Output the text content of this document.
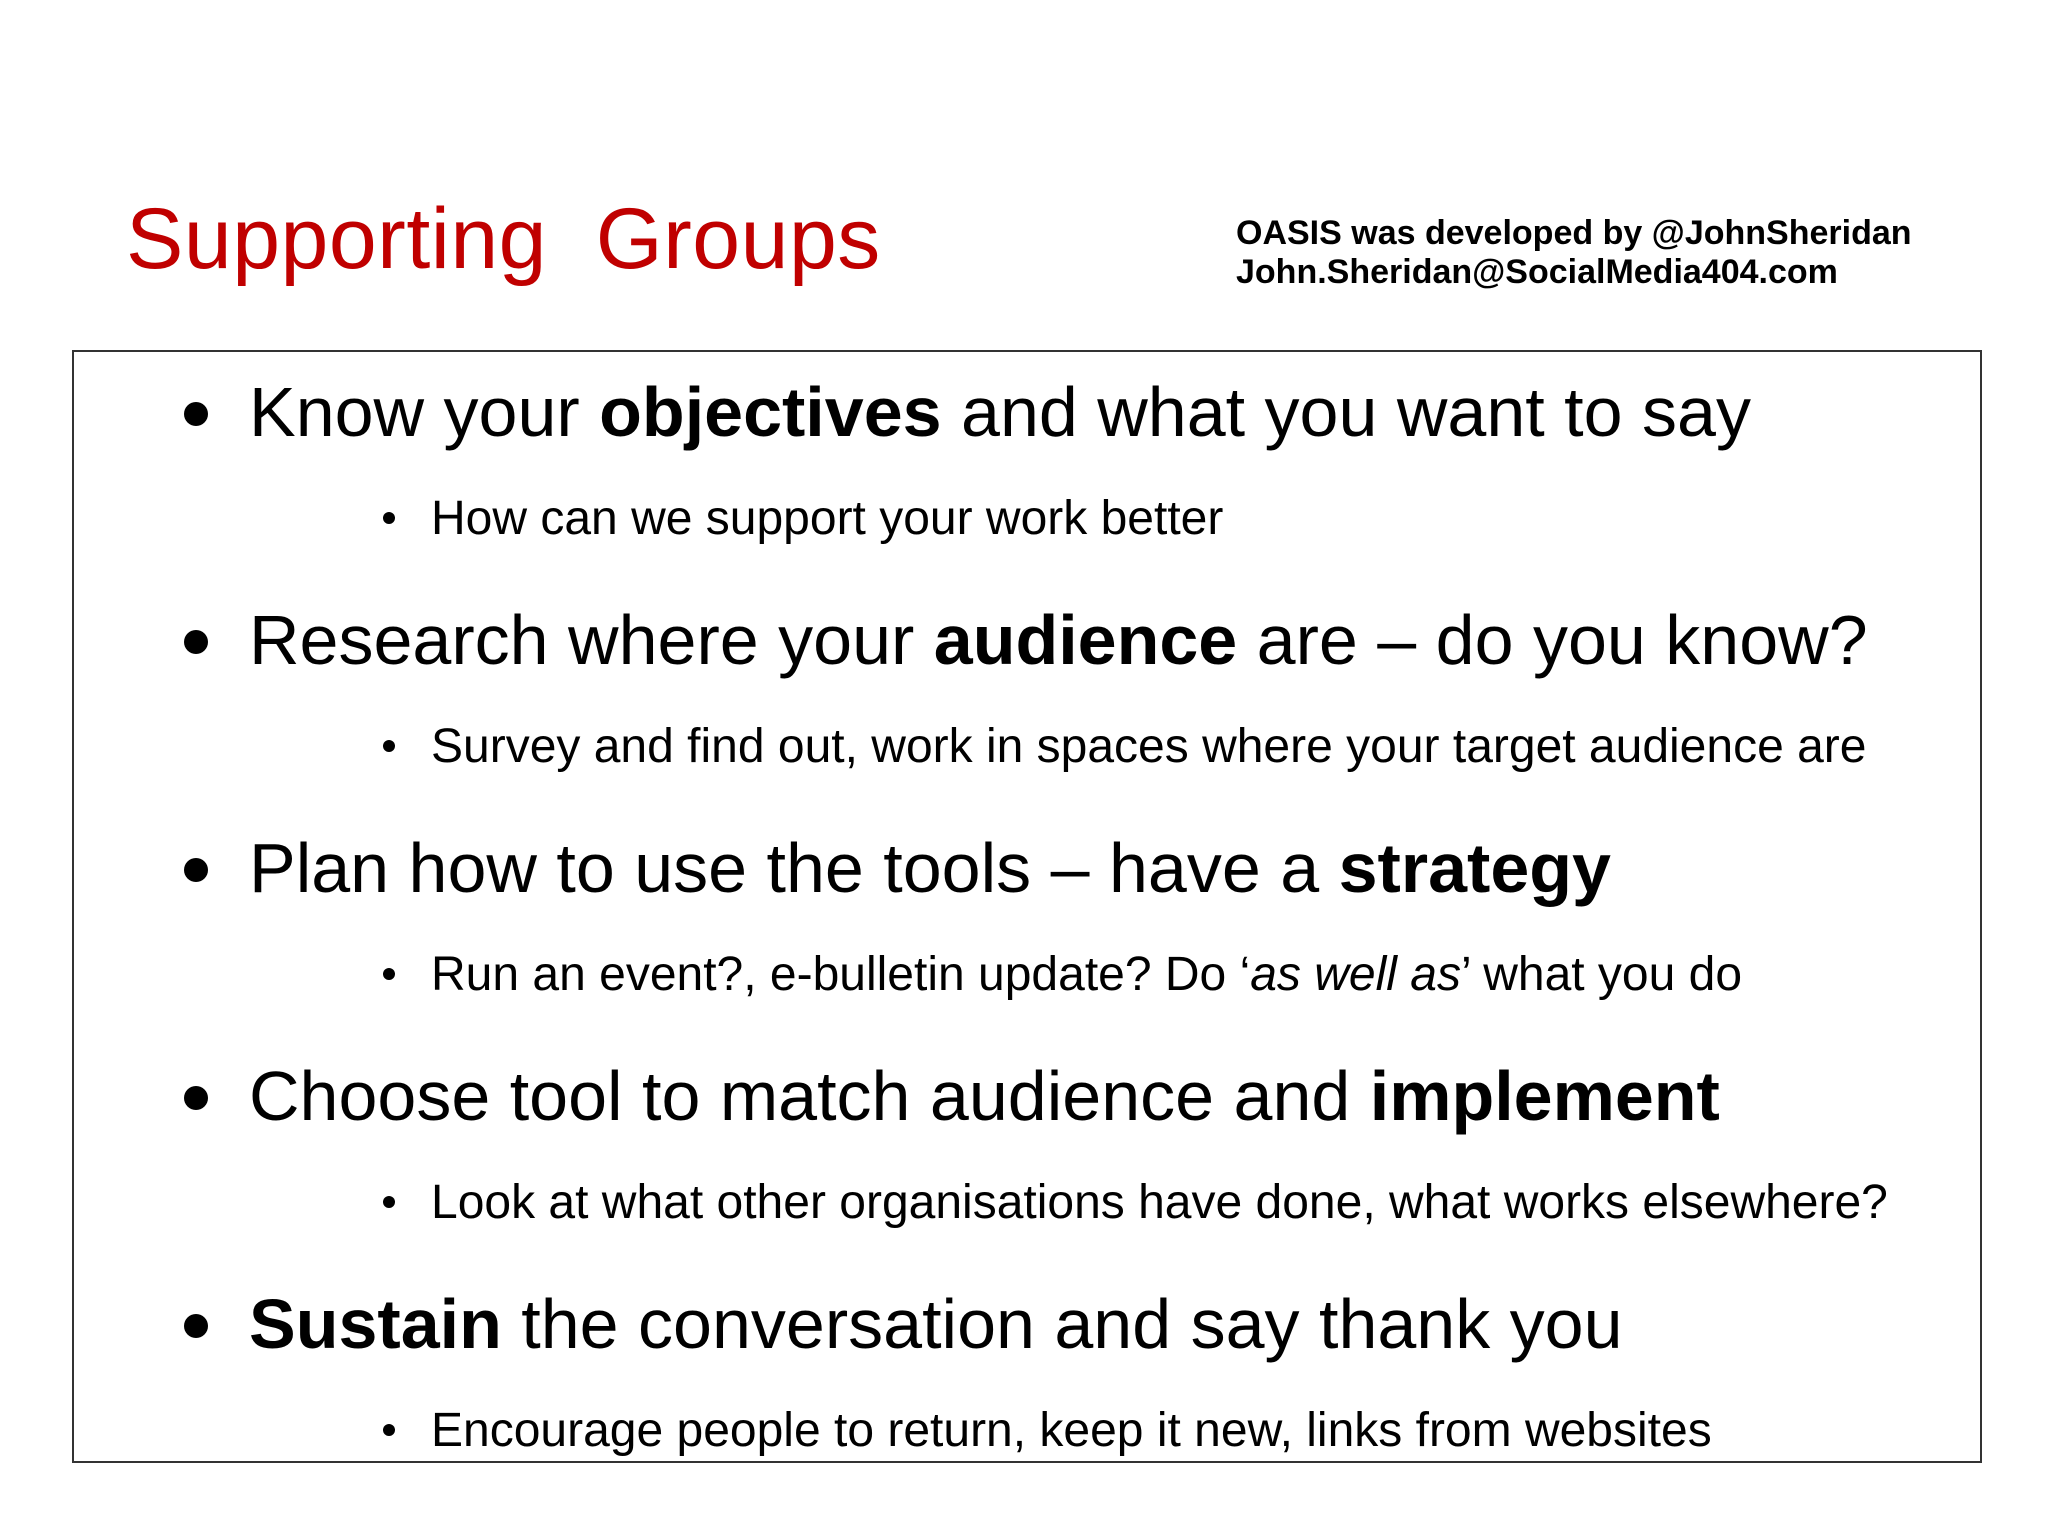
Supporting  Groups	OASIS was developed by @JohnSheridan
John.Sheridan@SocialMedia404.com
Know your objectives and what you want to say
How can we support your work better
Research where your audience are – do you know?
Survey and find out, work in spaces where your target audience are
Plan how to use the tools – have a strategy
Run an event?, e-bulletin update? Do ‘as well as’ what you do
Choose tool to match audience and implement
Look at what other organisations have done, what works elsewhere?
Sustain the conversation and say thank you
Encourage people to return, keep it new, links from websites
